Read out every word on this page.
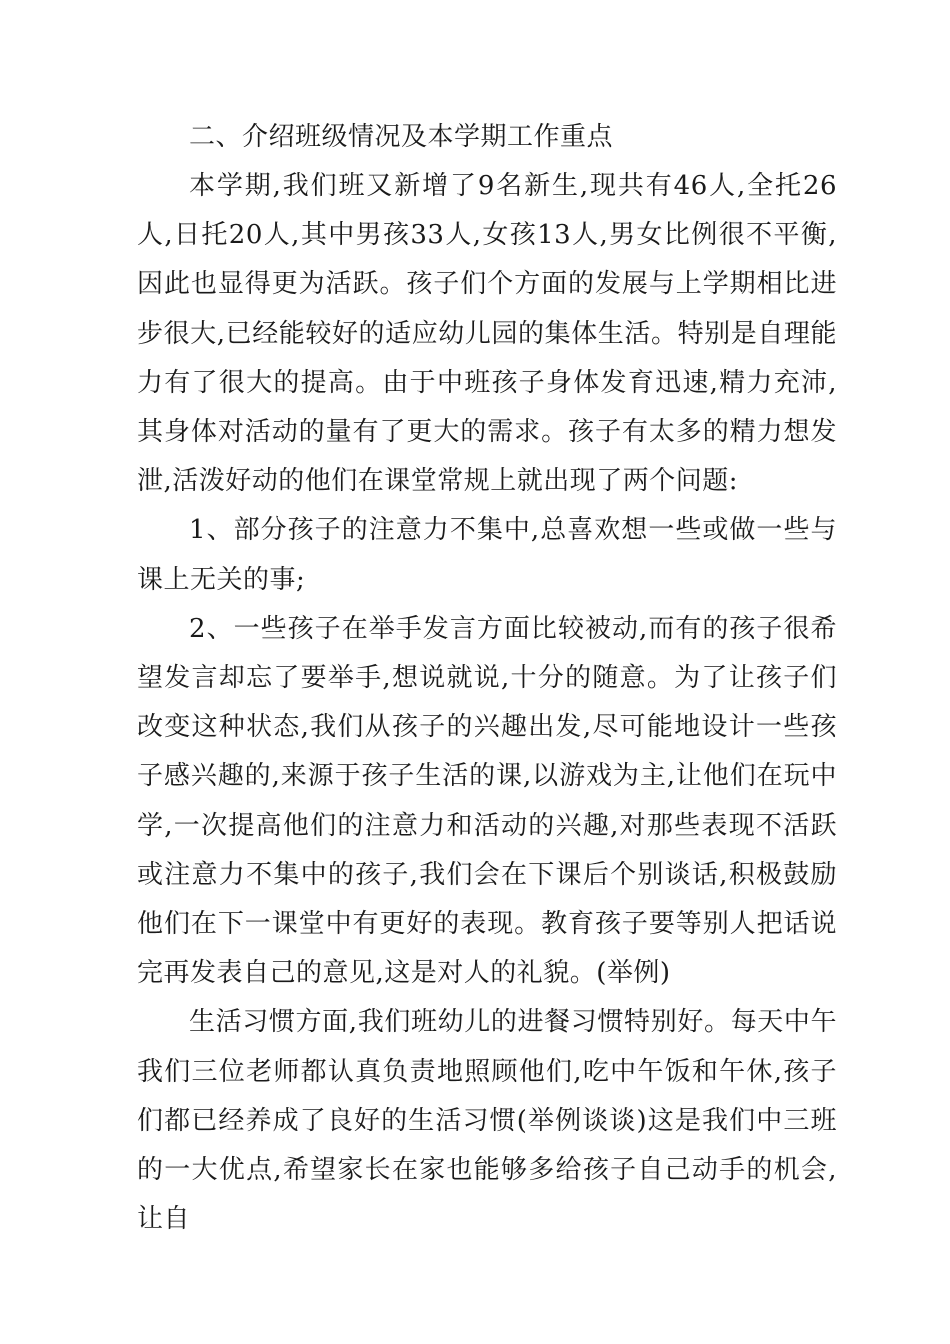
二、介绍班级情况及本学期工作重点

本学期,我们班又新增了9名新生,现共有46人,全托26人,日托20人,其中男孩33人,女孩13人,男女比例很不平衡,因此也显得更为活跃。孩子们个方面的发展与上学期相比进步很大,已经能较好的适应幼儿园的集体生活。特别是自理能力有了很大的提高。由于中班孩子身体发育迅速,精力充沛,其身体对活动的量有了更大的需求。孩子有太多的精力想发泄,活泼好动的他们在课堂常规上就出现了两个问题:

1、部分孩子的注意力不集中,总喜欢想一些或做一些与课上无关的事;

2、一些孩子在举手发言方面比较被动,而有的孩子很希望发言却忘了要举手,想说就说,十分的随意。为了让孩子们改变这种状态,我们从孩子的兴趣出发,尽可能地设计一些孩子感兴趣的,来源于孩子生活的课,以游戏为主,让他们在玩中学,一次提高他们的注意力和活动的兴趣,对那些表现不活跃或注意力不集中的孩子,我们会在下课后个别谈话,积极鼓励他们在下一课堂中有更好的表现。教育孩子要等别人把话说完再发表自己的意见,这是对人的礼貌。(举例)

生活习惯方面,我们班幼儿的进餐习惯特别好。每天中午我们三位老师都认真负责地照顾他们,吃中午饭和午休,孩子们都已经养成了良好的生活习惯(举例谈谈)这是我们中三班的一大优点,希望家长在家也能够多给孩子自己动手的机会,让自
